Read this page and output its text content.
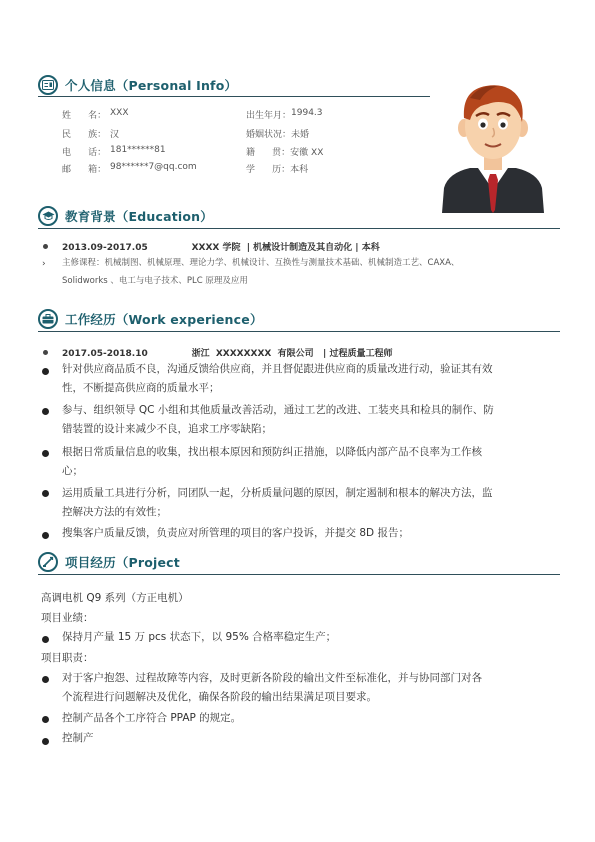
个人信息（Personal Info）
姓      名： XXX
民      族： 汉
电      话： 181******81
邮      箱： 98******7@qq.com
出生年月： 1994.3
婚姻状况： 未婚
籍      贯： 安徽 XX
学      历： 本科
教育背景（Education）
2013.09-2017.05              XXXX 学院  | 机械设计制造及其自动化 | 本科
› 主修课程：机械制图、机械原理、理论力学、机械设计、互换性与测量技术基础、机械制造工艺、CAXA、
Solidworks 、电工与电子技术、PLC 原理及应用
工作经历（Work experience）
2017.05-2018.10              浙江  XXXXXXXX  有限公司   | 过程质量工程师
针对供应商品质不良，沟通反馈给供应商，并且督促跟进供应商的质量改进行动，验证其有效
性，不断提高供应商的质量水平；
参与、组织领导 QC 小组和其他质量改善活动，通过工艺的改进、工装夹具和检具的制作、防
错装置的设计来减少不良，追求工序零缺陷；
根据日常质量信息的收集，找出根本原因和预防纠正措施，以降低内部产品不良率为工作核
心；
运用质量工具进行分析，同团队一起，分析质量问题的原因，制定遏制和根本的解决方法，监
控解决方法的有效性；
搜集客户质量反馈，负责应对所管理的项目的客户投诉，并提交 8D 报告；
项目经历（Project
高调电机 Q9 系列（方正电机）
项目业绩：
保持月产量 15 万 pcs 状态下，以 95% 合格率稳定生产；
项目职责：
对于客户抱怨、过程故障等内容，及时更新各阶段的输出文件至标准化，并与协同部门对各
个流程进行问题解决及优化，确保各阶段的输出结果满足项目要求。
控制产品各个工序符合 PPAP 的规定。
控制产
